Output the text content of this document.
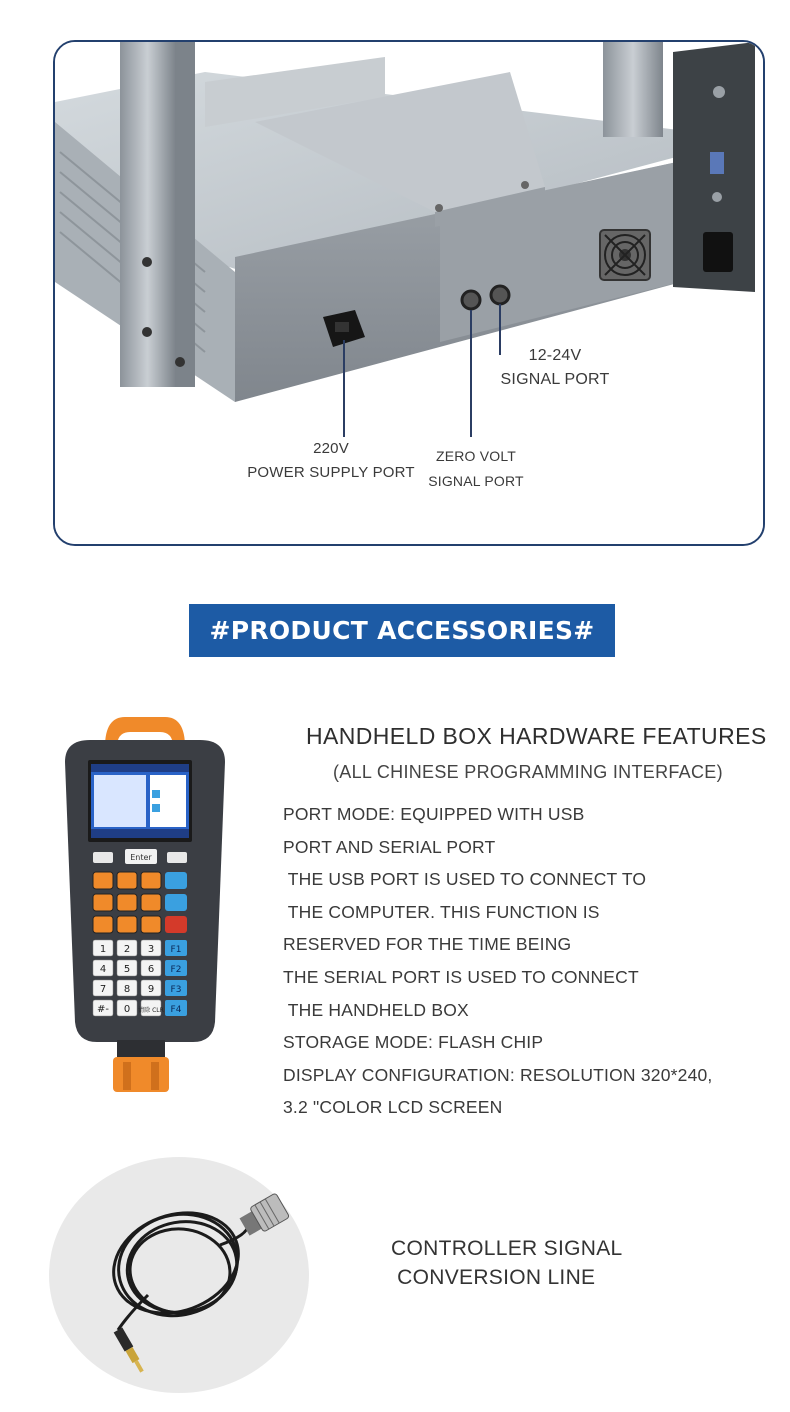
12-24V
SIGNAL PORT
220V
POWER SUPPLY PORT
ZERO VOLT
SIGNAL PORT
#PRODUCT ACCESSORIES#
Enter
1 2 3
4 5 6
7 8 9
#- 0 清除 CLR
F1
F2
F3
F4
HANDHELD BOX HARDWARE FEATURES
(ALL CHINESE PROGRAMMING INTERFACE)
PORT MODE: EQUIPPED WITH USB
PORT AND SERIAL PORT
THE USB PORT IS USED TO CONNECT TO
THE COMPUTER. THIS FUNCTION IS
RESERVED FOR THE TIME BEING
THE SERIAL PORT IS USED TO CONNECT
THE HANDHELD BOX
STORAGE MODE: FLASH CHIP
DISPLAY CONFIGURATION: RESOLUTION 320*240,
3.2 "COLOR LCD SCREEN
CONTROLLER SIGNAL
CONVERSION LINE
